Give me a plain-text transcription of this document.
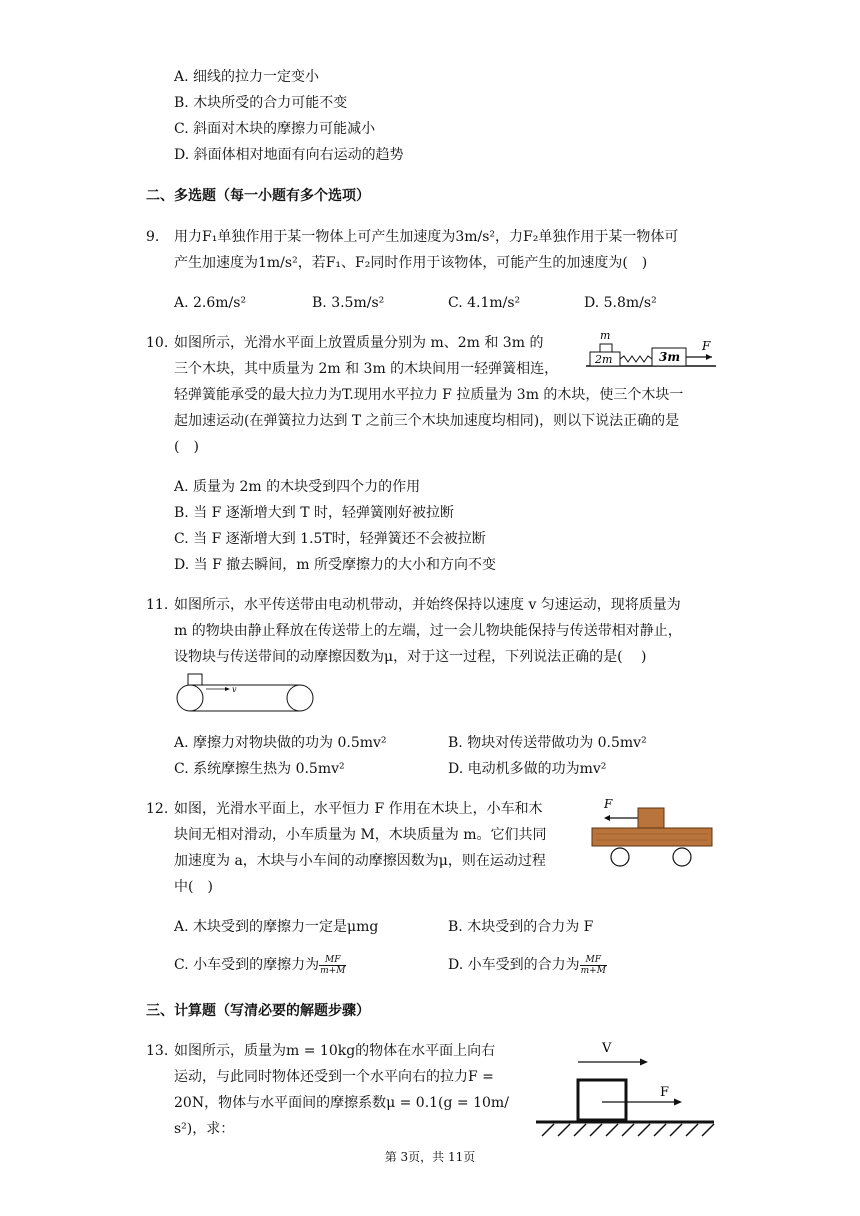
A. 细线的拉力一定变小
B. 木块所受的合力可能不变
C. 斜面对木块的摩擦力可能减小
D. 斜面体相对地面有向右运动的趋势
二、多选题（每一小题有多个选项）
9. 用力F₁单独作用于某一物体上可产生加速度为3m/s²，力F₂单独作用于某一物体可
产生加速度为1m/s²，若F₁、F₂同时作用于该物体，可能产生的加速度为(　)
A. 2.6m/s²	B. 3.5m/s²	C. 4.1m/s²	D. 5.8m/s²
10. 如图所示，光滑水平面上放置质量分别为 m、2m 和 3m 的
三个木块，其中质量为 2m 和 3m 的木块间用一轻弹簧相连，
轻弹簧能承受的最大拉力为T.现用水平拉力 F 拉质量为 3m 的木块，使三个木块一
起加速运动(在弹簧拉力达到 T 之前三个木块加速度均相同)，则以下说法正确的是
(　)
m
2m	3m
F
A. 质量为 2m 的木块受到四个力的作用
B. 当 F 逐渐增大到 T 时，轻弹簧刚好被拉断
C. 当 F 逐渐增大到 1.5T时，轻弹簧还不会被拉断
D. 当 F 撤去瞬间，m 所受摩擦力的大小和方向不变
11. 如图所示，水平传送带由电动机带动，并始终保持以速度 v 匀速运动，现将质量为
m 的物块由静止释放在传送带上的左端，过一会儿物块能保持与传送带相对静止，
设物块与传送带间的动摩擦因数为μ，对于这一过程，下列说法正确的是(　 )
v
A. 摩擦力对物块做的功为 0.5mv²	B. 物块对传送带做功为 0.5mv²
C. 系统摩擦生热为 0.5mv²	D. 电动机多做的功为mv²
12. 如图，光滑水平面上，水平恒力 F 作用在木块上，小车和木
块间无相对滑动，小车质量为 M，木块质量为 m。它们共同
加速度为 a，木块与小车间的动摩擦因数为μ，则在运动过程
中(　)
F
A. 木块受到的摩擦力一定是μmg	B. 木块受到的合力为 F
C. 小车受到的摩擦力为 $\frac{MF}{m+M}$	D. 小车受到的合力为 $\frac{MF}{m+M}$
三、计算题（写清必要的解题步骤）
13. 如图所示，质量为m = 10kg的物体在水平面上向右
运动，与此同时物体还受到一个水平向右的拉力F =
20N，物体与水平面间的摩擦系数μ = 0.1(g = 10m/
s²)，求：
V
F
第 3页，共 11页
